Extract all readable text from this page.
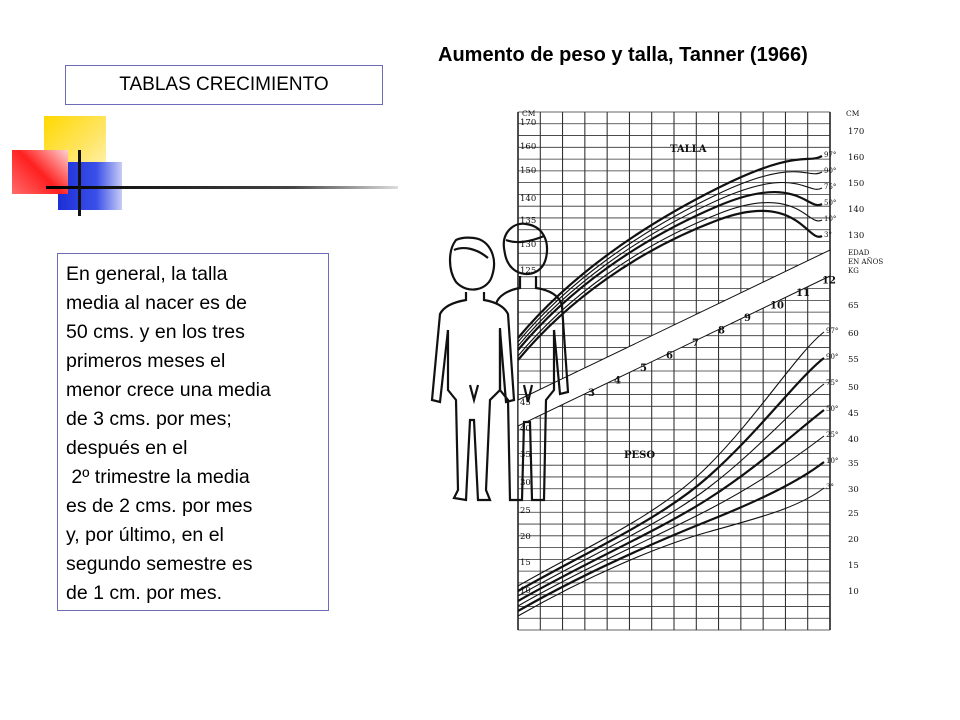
TABLAS CRECIMIENTO
Aumento de peso y talla, Tanner (1966)
En general, la talla
media al nacer es de
50 cms. y en los tres
primeros meses el
menor crece una media
de 3 cms. por mes;
después en el
2º trimestre la media
es de 2 cms. por mes
y, por último, en el
segundo semestre es
de 1 cm. por mes.
170
160
150
140
135
130
125
45
40
35
30
25
20
15
10
CM	CM
170
160
150
140
130
65
60
55
50
45
40
35
30
25
20
15
10
EDAD
EN AÑOS
KG
TALLA
PESO
3
4
5
6
7
8
9
10
11
12
97°
90°
75°
50°
10°
3°
97°
90°
75°
50°
25°
10°
3°
